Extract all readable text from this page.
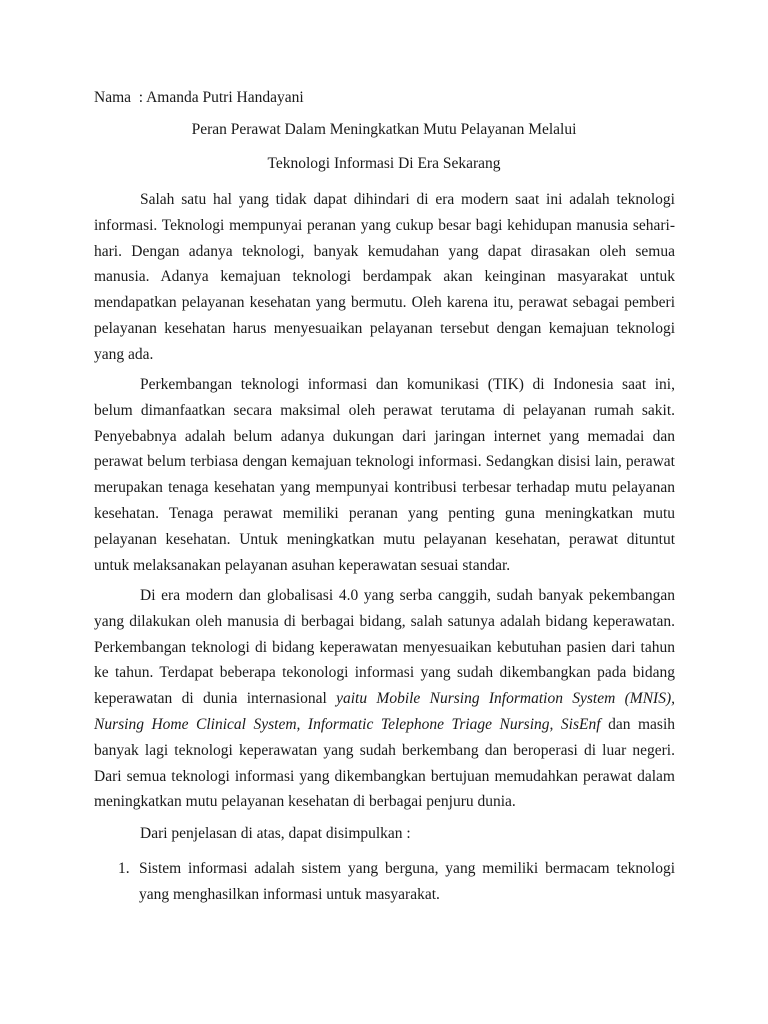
Nama : Amanda Putri Handayani
Peran Perawat Dalam Meningkatkan Mutu Pelayanan Melalui
Teknologi Informasi Di Era Sekarang

Salah satu hal yang tidak dapat dihindari di era modern saat ini adalah teknologi informasi. Teknologi mempunyai peranan yang cukup besar bagi kehidupan manusia sehari-hari. Dengan adanya teknologi, banyak kemudahan yang dapat dirasakan oleh semua manusia. Adanya kemajuan teknologi berdampak akan keinginan masyarakat untuk mendapatkan pelayanan kesehatan yang bermutu. Oleh karena itu, perawat sebagai pemberi pelayanan kesehatan harus menyesuaikan pelayanan tersebut dengan kemajuan teknologi yang ada.

Perkembangan teknologi informasi dan komunikasi (TIK) di Indonesia saat ini, belum dimanfaatkan secara maksimal oleh perawat terutama di pelayanan rumah sakit. Penyebabnya adalah belum adanya dukungan dari jaringan internet yang memadai dan perawat belum terbiasa dengan kemajuan teknologi informasi. Sedangkan disisi lain, perawat merupakan tenaga kesehatan yang mempunyai kontribusi terbesar terhadap mutu pelayanan kesehatan. Tenaga perawat memiliki peranan yang penting guna meningkatkan mutu pelayanan kesehatan. Untuk meningkatkan mutu pelayanan kesehatan, perawat dituntut untuk melaksanakan pelayanan asuhan keperawatan sesuai standar.

Di era modern dan globalisasi 4.0 yang serba canggih, sudah banyak pekembangan yang dilakukan oleh manusia di berbagai bidang, salah satunya adalah bidang keperawatan. Perkembangan teknologi di bidang keperawatan menyesuaikan kebutuhan pasien dari tahun ke tahun. Terdapat beberapa tekonologi informasi yang sudah dikembangkan pada bidang keperawatan di dunia internasional yaitu Mobile Nursing Information System (MNIS), Nursing Home Clinical System, Informatic Telephone Triage Nursing, SisEnf dan masih banyak lagi teknologi keperawatan yang sudah berkembang dan beroperasi di luar negeri. Dari semua teknologi informasi yang dikembangkan bertujuan memudahkan perawat dalam meningkatkan mutu pelayanan kesehatan di berbagai penjuru dunia.

Dari penjelasan di atas, dapat disimpulkan :

1. Sistem informasi adalah sistem yang berguna, yang memiliki bermacam teknologi yang menghasilkan informasi untuk masyarakat.
